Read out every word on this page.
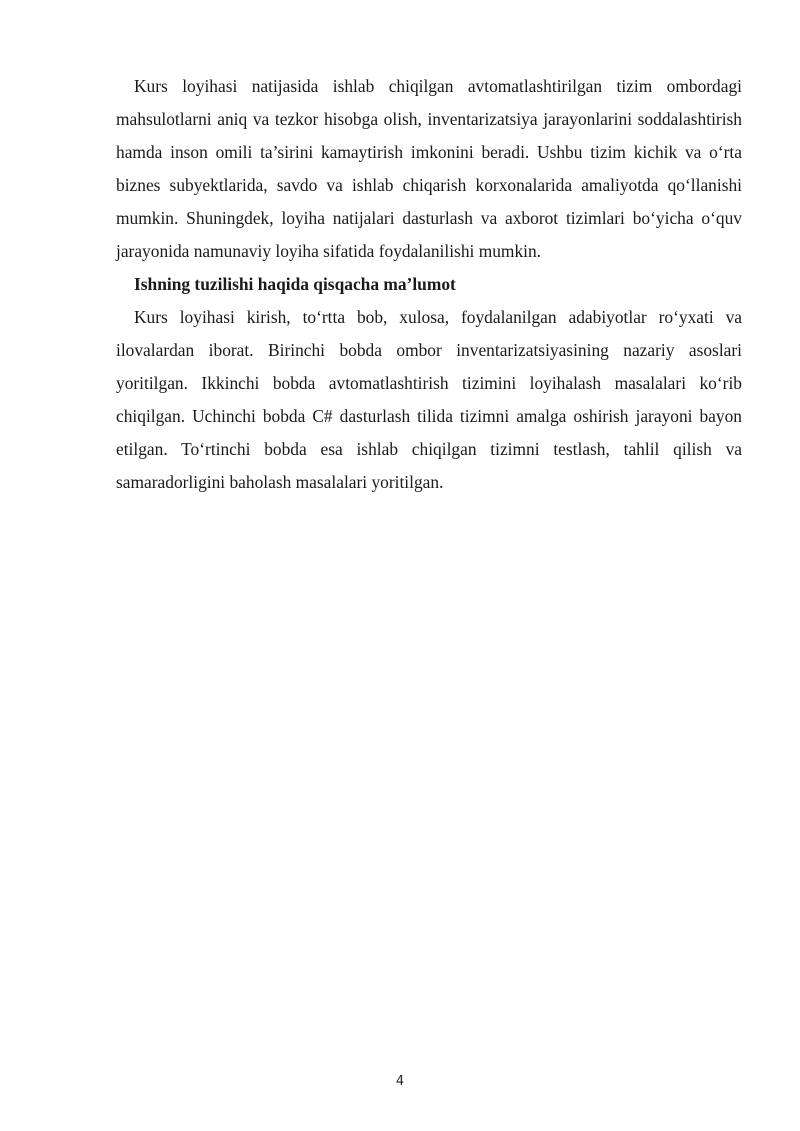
Kurs loyihasi natijasida ishlab chiqilgan avtomatlashtirilgan tizim ombordagi mahsulotlarni aniq va tezkor hisobga olish, inventarizatsiya jarayonlarini soddalashtirish hamda inson omili ta’sirini kamaytirish imkonini beradi. Ushbu tizim kichik va o‘rta biznes subyektlarida, savdo va ishlab chiqarish korxonalarida amaliyotda qo‘llanishi mumkin. Shuningdek, loyiha natijalari dasturlash va axborot tizimlari bo‘yicha o‘quv jarayonida namunaviy loyiha sifatida foydalanilishi mumkin.

Ishning tuzilishi haqida qisqacha ma’lumot

Kurs loyihasi kirish, to‘rtta bob, xulosa, foydalanilgan adabiyotlar ro‘yxati va ilovalardan iborat. Birinchi bobda ombor inventarizatsiyasining nazariy asoslari yoritilgan. Ikkinchi bobda avtomatlashtirish tizimini loyihalash masalalari ko‘rib chiqilgan. Uchinchi bobda C# dasturlash tilida tizimni amalga oshirish jarayoni bayon etilgan. To‘rtinchi bobda esa ishlab chiqilgan tizimni testlash, tahlil qilish va samaradorligini baholash masalalari yoritilgan.

4
